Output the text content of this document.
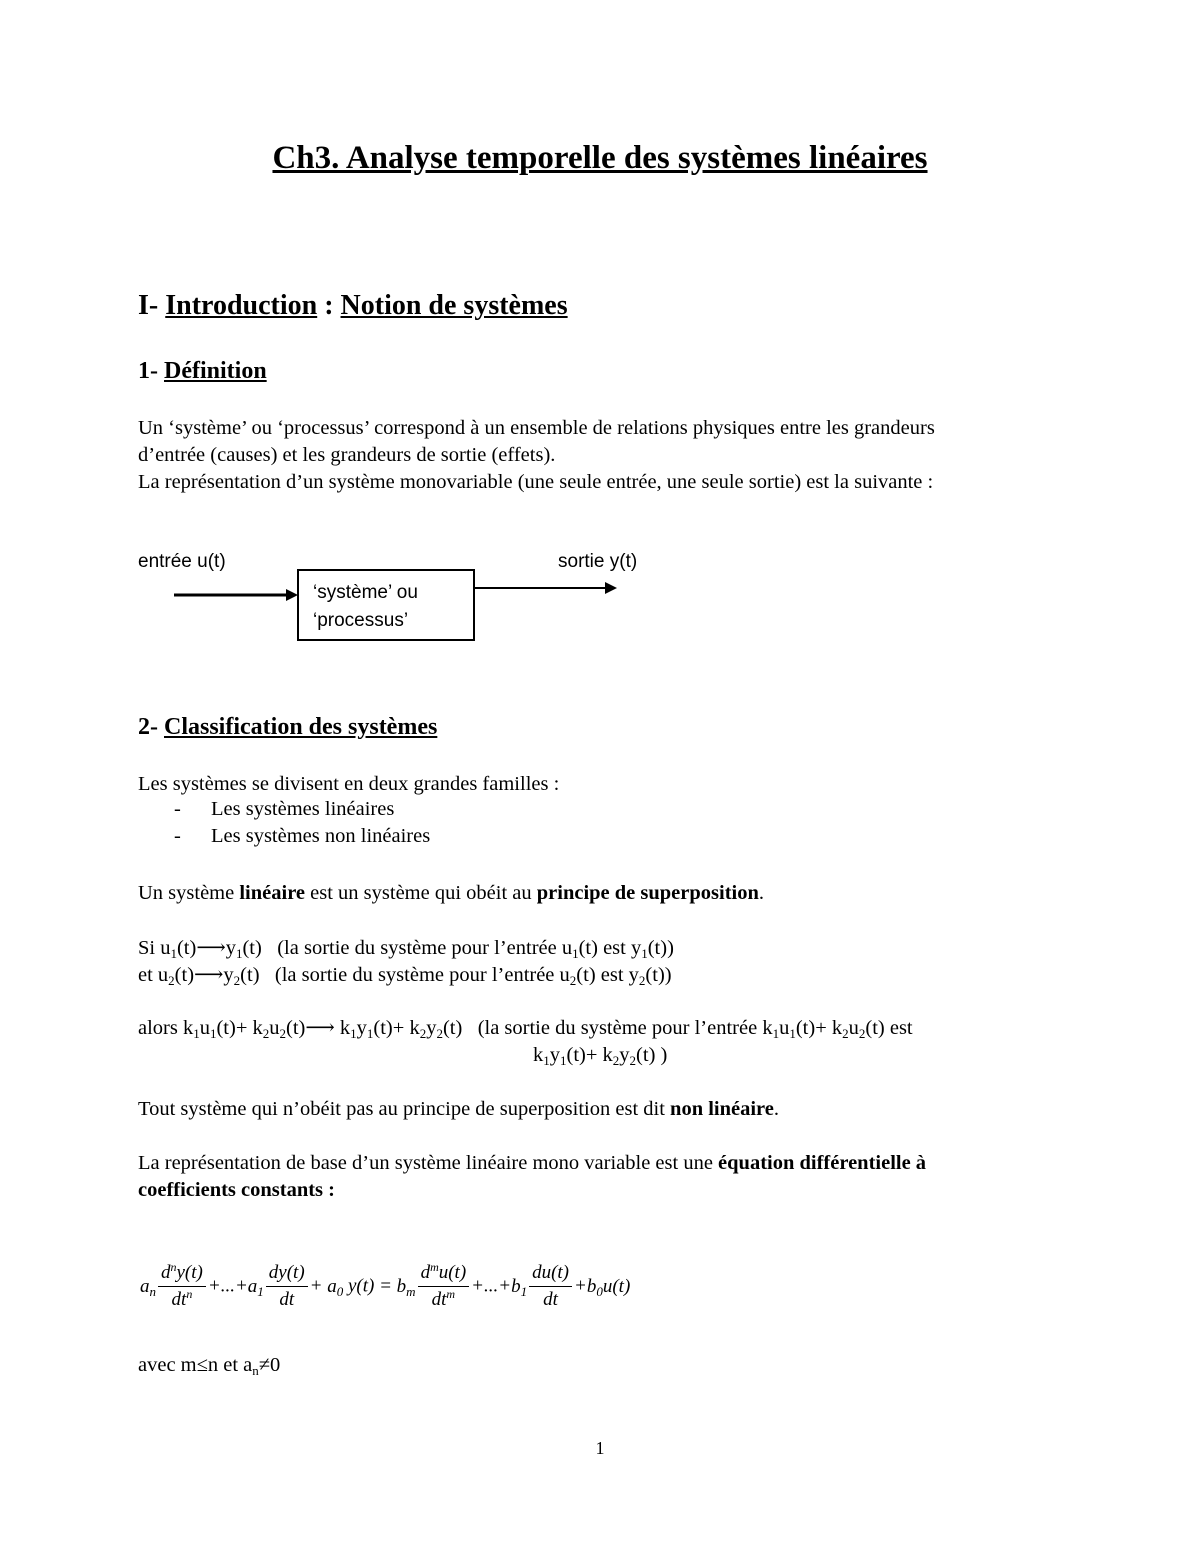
Ch3. Analyse temporelle des systèmes linéaires
I- Introduction : Notion de systèmes
1- Définition
Un ‘système’ ou ‘processus’ correspond à un ensemble de relations physiques entre les grandeurs
d’entrée (causes) et les grandeurs de sortie (effets).
La représentation d’un système monovariable (une seule entrée, une seule sortie) est la suivante :
entrée u(t)	sortie y(t)
‘système’ ou
‘processus’
2- Classification des systèmes
Les systèmes se divisent en deux grandes familles :
- Les systèmes linéaires
- Les systèmes non linéaires
Un système linéaire est un système qui obéit au principe de superposition.
Si u1(t)⟶y1(t) (la sortie du système pour l’entrée u1(t) est y1(t))
et u2(t)⟶y2(t) (la sortie du système pour l’entrée u2(t) est y2(t))
alors k1u1(t)+ k2u2(t)⟶ k1y1(t)+ k2y2(t) (la sortie du système pour l’entrée k1u1(t)+ k2u2(t) est
k1y1(t)+ k2y2(t) )
Tout système qui n’obéit pas au principe de superposition est dit non linéaire.
La représentation de base d’un système linéaire mono variable est une équation différentielle à
coefficients constants :
$a_n \frac{d^ny(t)}{dt^n} +...+a_1 \frac{dy(t)}{dt} + a_0$ $y(t) = b_m \frac{d^mu(t)}{dt^m} +...+b_1 \frac{du(t)}{dt} +b_0u(t)$
avec m≤n et an≠0
1
